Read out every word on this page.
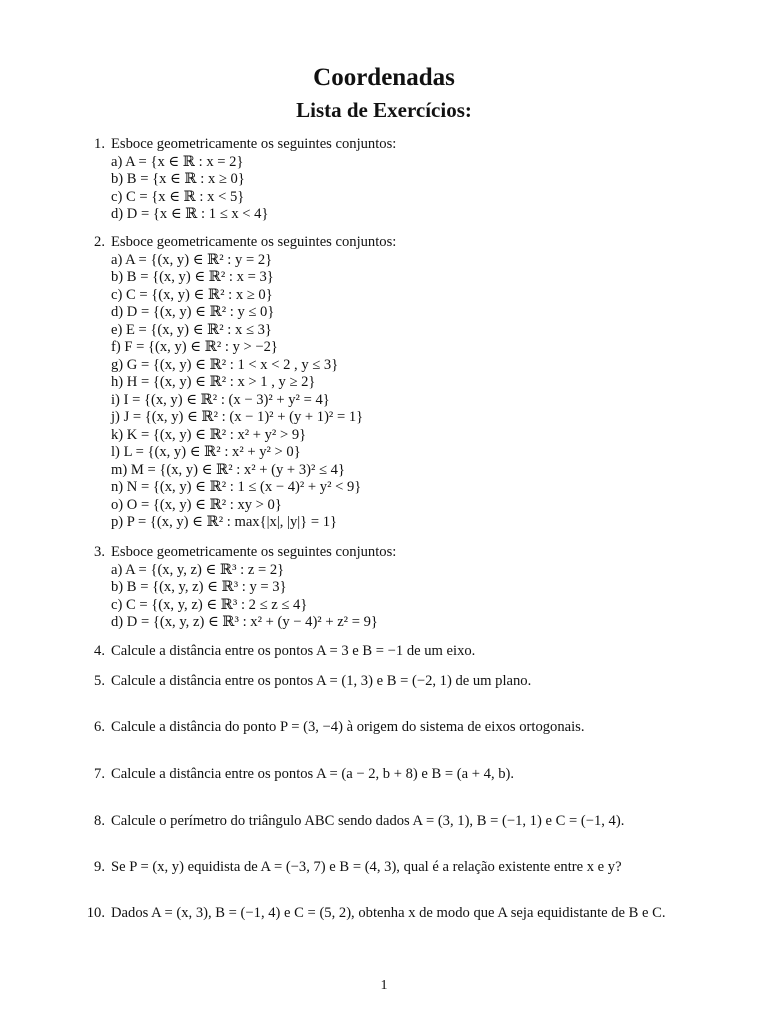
Coordenadas
Lista de Exercícios:
1. Esboce geometricamente os seguintes conjuntos:
a) A = {x ∈ ℝ : x = 2}
b) B = {x ∈ ℝ : x ≥ 0}
c) C = {x ∈ ℝ : x < 5}
d) D = {x ∈ ℝ : 1 ≤ x < 4}
2. Esboce geometricamente os seguintes conjuntos:
a) A = {(x, y) ∈ ℝ² : y = 2}
b) B = {(x, y) ∈ ℝ² : x = 3}
c) C = {(x, y) ∈ ℝ² : x ≥ 0}
d) D = {(x, y) ∈ ℝ² : y ≤ 0}
e) E = {(x, y) ∈ ℝ² : x ≤ 3}
f) F = {(x, y) ∈ ℝ² : y > −2}
g) G = {(x, y) ∈ ℝ² : 1 < x < 2 , y ≤ 3}
h) H = {(x, y) ∈ ℝ² : x > 1 , y ≥ 2}
i) I = {(x, y) ∈ ℝ² : (x − 3)² + y² = 4}
j) J = {(x, y) ∈ ℝ² : (x − 1)² + (y + 1)² = 1}
k) K = {(x, y) ∈ ℝ² : x² + y² > 9}
l) L = {(x, y) ∈ ℝ² : x² + y² > 0}
m) M = {(x, y) ∈ ℝ² : x² + (y + 3)² ≤ 4}
n) N = {(x, y) ∈ ℝ² : 1 ≤ (x − 4)² + y² < 9}
o) O = {(x, y) ∈ ℝ² : xy > 0}
p) P = {(x, y) ∈ ℝ² : max{|x|, |y|} = 1}
3. Esboce geometricamente os seguintes conjuntos:
a) A = {(x, y, z) ∈ ℝ³ : z = 2}
b) B = {(x, y, z) ∈ ℝ³ : y = 3}
c) C = {(x, y, z) ∈ ℝ³ : 2 ≤ z ≤ 4}
d) D = {(x, y, z) ∈ ℝ³ : x² + (y − 4)² + z² = 9}
4. Calcule a distância entre os pontos A = 3 e B = −1 de um eixo.
5. Calcule a distância entre os pontos A = (1, 3) e B = (−2, 1) de um plano.
6. Calcule a distância do ponto P = (3, −4) à origem do sistema de eixos ortogonais.
7. Calcule a distância entre os pontos A = (a − 2, b + 8) e B = (a + 4, b).
8. Calcule o perímetro do triângulo ABC sendo dados A = (3, 1), B = (−1, 1) e C = (−1, 4).
9. Se P = (x, y) equidista de A = (−3, 7) e B = (4, 3), qual é a relação existente entre x e y?
10. Dados A = (x, 3), B = (−1, 4) e C = (5, 2), obtenha x de modo que A seja equidistante de B e C.
1
